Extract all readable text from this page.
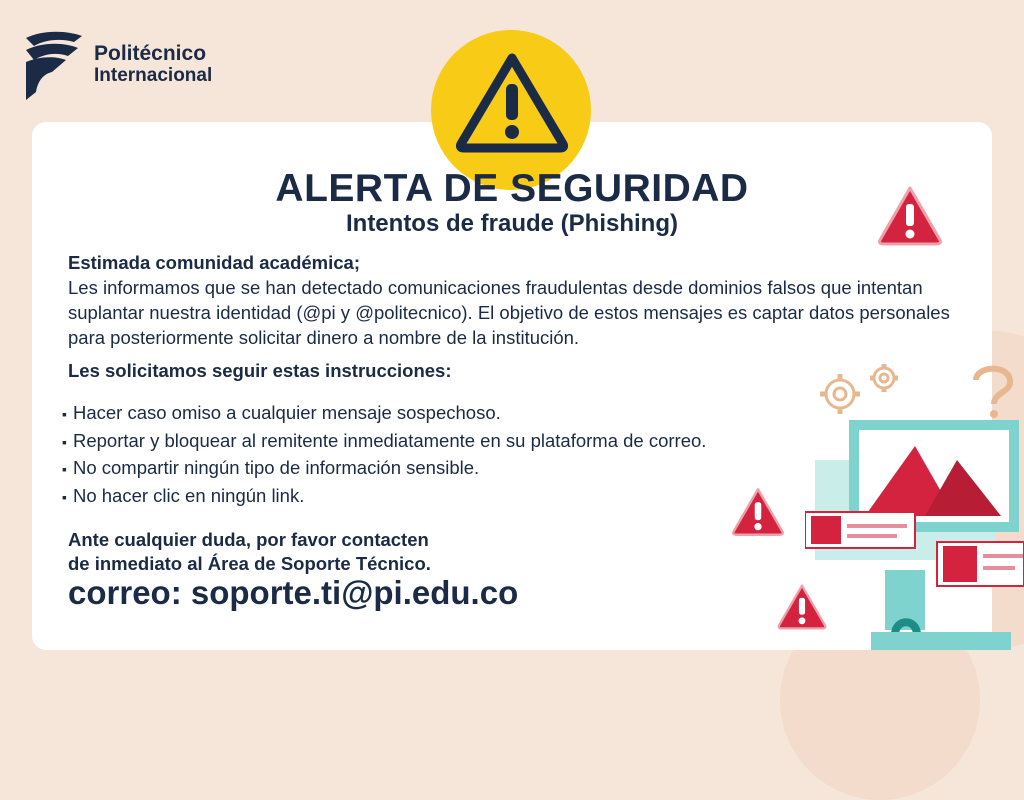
Politécnico
Internacional
ALERTA DE SEGURIDAD
Intentos de fraude (Phishing)
Estimada comunidad académica;
Les informamos que se han detectado comunicaciones fraudulentas desde dominios falsos que intentan suplantar nuestra identidad (@pi y @politecnico). El objetivo de estos mensajes es captar datos personales para posteriormente solicitar dinero a nombre de la institución.
Les solicitamos seguir estas instrucciones:
▪ Hacer caso omiso a cualquier mensaje sospechoso.
▪ Reportar y bloquear al remitente inmediatamente en su plataforma de correo.
▪ No compartir ningún tipo de información sensible.
▪ No hacer clic en ningún link.
Ante cualquier duda, por favor contacten
de inmediato al Área de Soporte Técnico.
correo: soporte.ti@pi.edu.co
